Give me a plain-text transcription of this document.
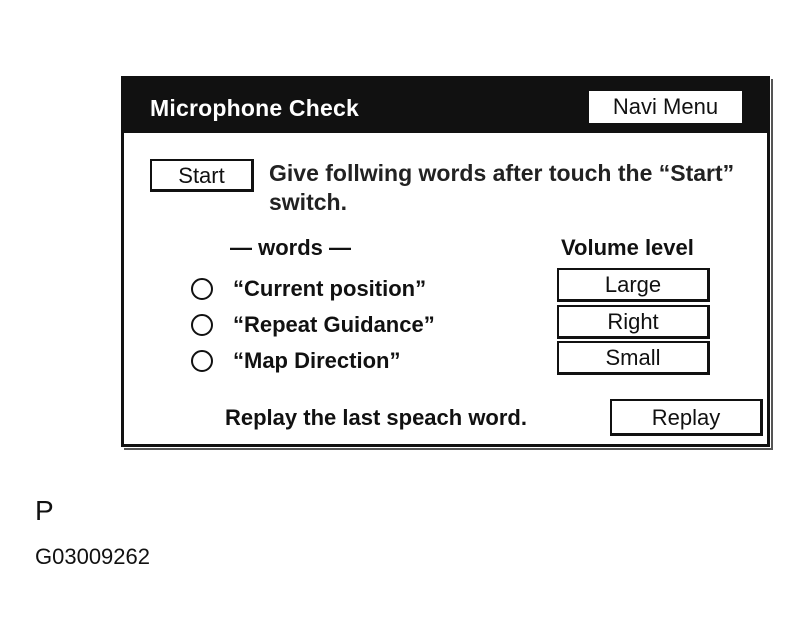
Microphone Check	Navi Menu
Start	Give follwing words after touch the “Start” switch.
— words —	Volume level
“Current position”
“Repeat Guidance”
“Map Direction”
Large
Right
Small
Replay the last speach word.	Replay
P
G03009262
